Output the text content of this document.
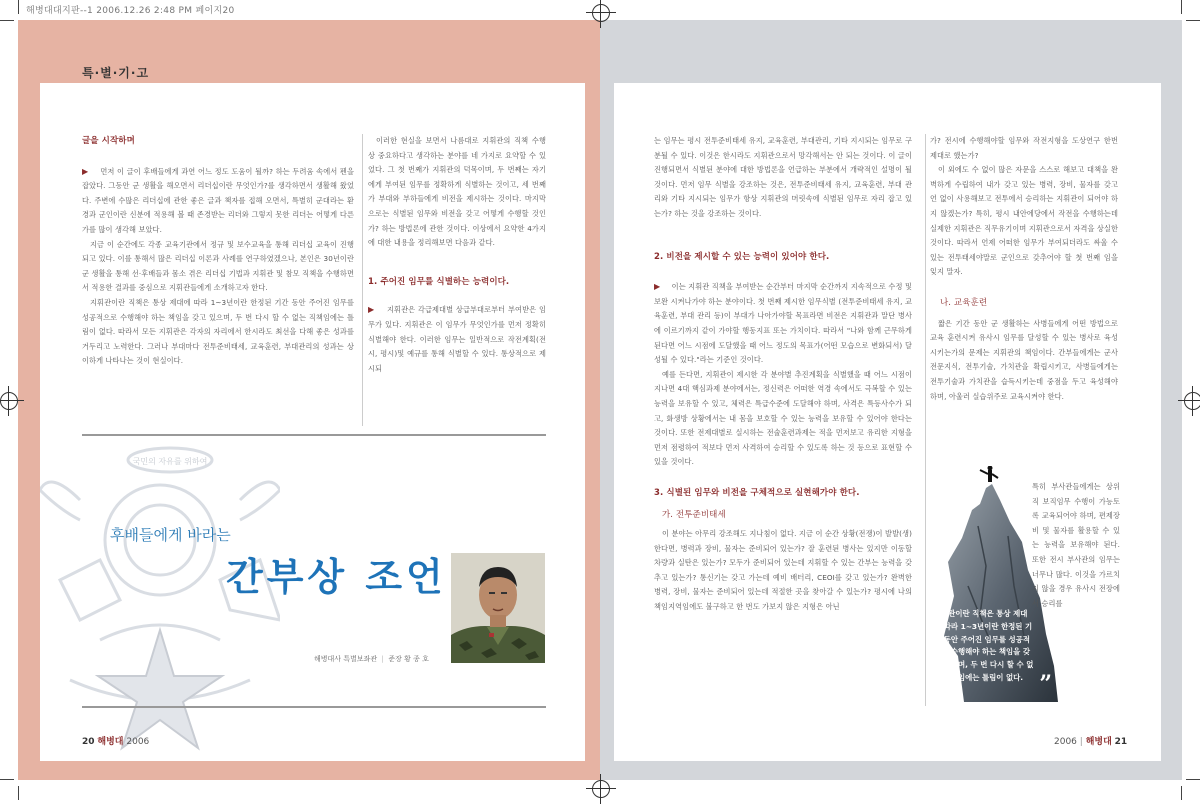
해병대대지판--1 2006.12.26 2:48 PM 페이지20
특·별·기·고
글을 시작하며

▶ 먼저 이 글이 후배들에게 과연 어느 정도 도움이 될까? 하는 두려움 속에서 펜을 잡았다. 그동안 군 생활을 해오면서 리더십이란 무엇인가?를 생각하면서 생활해 왔었다. 주변에 수많은 리더십에 관한 좋은 글과 책자를 접해 오면서, 특별히 군대라는 환경과 군인이란 신분에 적용해 볼 때 존경받는 리더와 그렇지 못한 리더는 어떻게 다른가를 많이 생각해 보았다.

지금 이 순간에도 각종 교육기관에서 정규 및 보수교육을 통해 리더십 교육이 진행되고 있다. 이를 통해서 많은 리더십 이론과 사례를 연구하였겠으나, 본인은 30년이란 군 생활을 통해 선·후배들과 몸소 겪은 리더십 기법과 지휘관 및 참모 직책을 수행하면서 적용한 결과를 중심으로 지휘관들에게 소개하고자 한다.

지휘관이란 직책은 통상 제대에 따라 1~3년이란 한정된 기간 동안 주어진 임무를 성공적으로 수행해야 하는 책임을 갖고 있으며, 두 번 다시 할 수 없는 직책임에는 틀림이 없다. 따라서 모든 지휘관은 각자의 자리에서 한시라도 최선을 다해 좋은 성과를 거두리고 노력한다. 그러나 부대마다 전투준비태세, 교육훈련, 부대관리의 성과는 상이하게 나타나는 것이 현실이다.

이러한 현실을 보면서 나름대로 지휘관의 직책 수행 상 중요하다고 생각하는 분야를 네 가지로 요약할 수 있었다. 그 첫 번째가 지휘관의 덕목이며, 두 번째는 자기에게 부여된 임무를 정확하게 식별하는 것이고, 세 번째가 부대와 부하들에게 비전을 제시하는 것이다. 마지막으로는 식별된 임무와 비전을 갖고 어떻게 수행할 것인가? 하는 방법론에 관한 것이다. 이상에서 요약한 4가지에 대한 내용을 정리해보면 다음과 같다.

1. 주어진 임무를 식별하는 능력이다.

▶ 지휘관은 각급제대별 상급부대로부터 부여받은 임무가 있다. 지휘관은 이 임무가 무엇인가를 먼저 정확히 식별해야 한다. 이러한 임무는 일반적으로 작전계획(전시, 평시)및 예규를 통해 식별할 수 있다. 통상적으로 제시되

국민의 자유를 위하여
후배들에게 바라는
간부상 조언
해병대사 특별보좌관  |  준장 황 종 호
20 해병대 2006

는 임무는 평시 전투준비태세 유지, 교육훈련, 부대관리, 기타 지시되는 임무로 구분될 수 있다. 이것은 한시라도 지휘관으로서 망각해서는 안 되는 것이다. 이 글이 진행되면서 식별된 분야에 대한 방법론을 언급하는 부분에서 개략적인 설명이 될 것이다. 먼저 임무 식별을 강조하는 것은, 전투준비태세 유지, 교육훈련, 부대 관리와 기타 지시되는 임무가 항상 지휘관의 머릿속에 식별된 임무로 자리 잡고 있는가? 하는 것을 강조하는 것이다.

2. 비전을 제시할 수 있는 능력이 있어야 한다.

▶ 이는 지휘관 직책을 부여받는 순간부터 마지막 순간까지 지속적으로 수정 및 보완 시켜나가야 하는 분야이다. 첫 번째 제시한 임무식별 (전투준비태세 유지, 교육훈련, 부대 관리 등)이 부대가 나아가야할 목표라면 비전은 지휘관과 말단 병사에 이르기까지 같이 가야할 행동지표 또는 가치이다. 따라서 "나와 함께 근무하게 된다면 어느 시점에 도달했을 때 어느 정도의 목표가(어떤 모습으로 변화되서) 달성될 수 있다."라는 기준인 것이다.

예를 든다면, 지휘관이 제시한 각 분야별 추진계획을 식별했을 때 어느 시점이 지나면 4대 핵심과제 분야에서는, 정신력은 어떠한 역경 속에서도 극복할 수 있는 능력을 보유할 수 있고, 체력은 특급수준에 도달해야 하며, 사격은 특등사수가 되고, 화생방 상황에서는 내 몸을 보호할 수 있는 능력을 보유할 수 있어야 한다는 것이다. 또한 전제대별로 실시하는 전술훈련과제는 적을 먼저보고 유리한 지형을 먼저 점령하여 적보다 먼저 사격하여 승리할 수 있도록 하는 것 등으로 표현할 수 있을 것이다.

3. 식별된 임무와 비전을 구체적으로 실현해가야 한다.
가. 전투준비태세

이 분야는 아무리 강조해도 지나침이 없다. 지금 이 순간 상황(전쟁)이 발발(생) 한다면, 병력과 장비, 물자는 준비되어 있는가? 잘 훈련된 병사는 있지만 이동할 차량과 실탄은 있는가? 모두가 준비되어 있는데 지휘할 수 있는 간부는 능력을 갖추고 있는가? 통신기는 갖고 가는데 예비 배터리, CEOI를 갖고 있는가? 완벽한 병력, 장비, 물자는 준비되어 있는데 적절한 곳을 찾아갈 수 있는가? 평시에 나의 책임지역임에도 불구하고 한 번도 가보지 않은 지형은 아닌

가? 전시에 수행해야할 임무와 작전지형을 도상연구 한번 제대로 했는가?

이 외에도 수 없이 많은 자문을 스스로 해보고 대책을 완벽하게 수립하여 내가 갖고 있는 병력, 장비, 물자를 갖고 언 없이 사용해보고 전투에서 승리하는 지휘관이 되어야 하지 않겠는가? 특히, 평시 내안에당에서 작전을 수행하는데 실제한 지휘관은 직무유기이며 지휘관으로서 자격을 상실한 것이다. 따라서 언제 어떠한 임무가 부여되더라도 싸울 수 있는 전투태세야말로 군인으로 갖추어야 할 첫 번째 임을 잊지 말자.

나. 교육훈련

짧은 기간 동안 군 생활하는 사병들에게 어떤 방법으로 교육 훈련시켜 유사시 임무를 달성할 수 있는 병사로 육성시키는가의 문제는 지휘관의 책임이다. 간부들에게는 군사전문지식, 전투기술, 가치관을 확립시키고, 사병들에게는 전투기술과 가치관을 습득시키는데 중점을 두고 육성해야 하며, 아울러 실습위주로 교육시켜야 한다.

“
지휘관이란 직책은 통상 제대에 따라 1~3년이란 한정된 기간 동안 주어진 임무를 성공적으로 수행해야 하는 책임을 갖고 있으며, 두 번 다시 할 수 없는 직책임에는 틀림이 없다. ”

특히 부사관들에게는 상위 직 보직임무 수행이 가능토록 교육되어야 하며, 편제장비 및 물자를 활용할 수 있는 능력을 보유해야 된다. 또한 전시 부사관의 임무는 너무나 많다. 이것을 가르치지 않을 경우 유사시 전장에서 승리를

2006 | 해병대 21
